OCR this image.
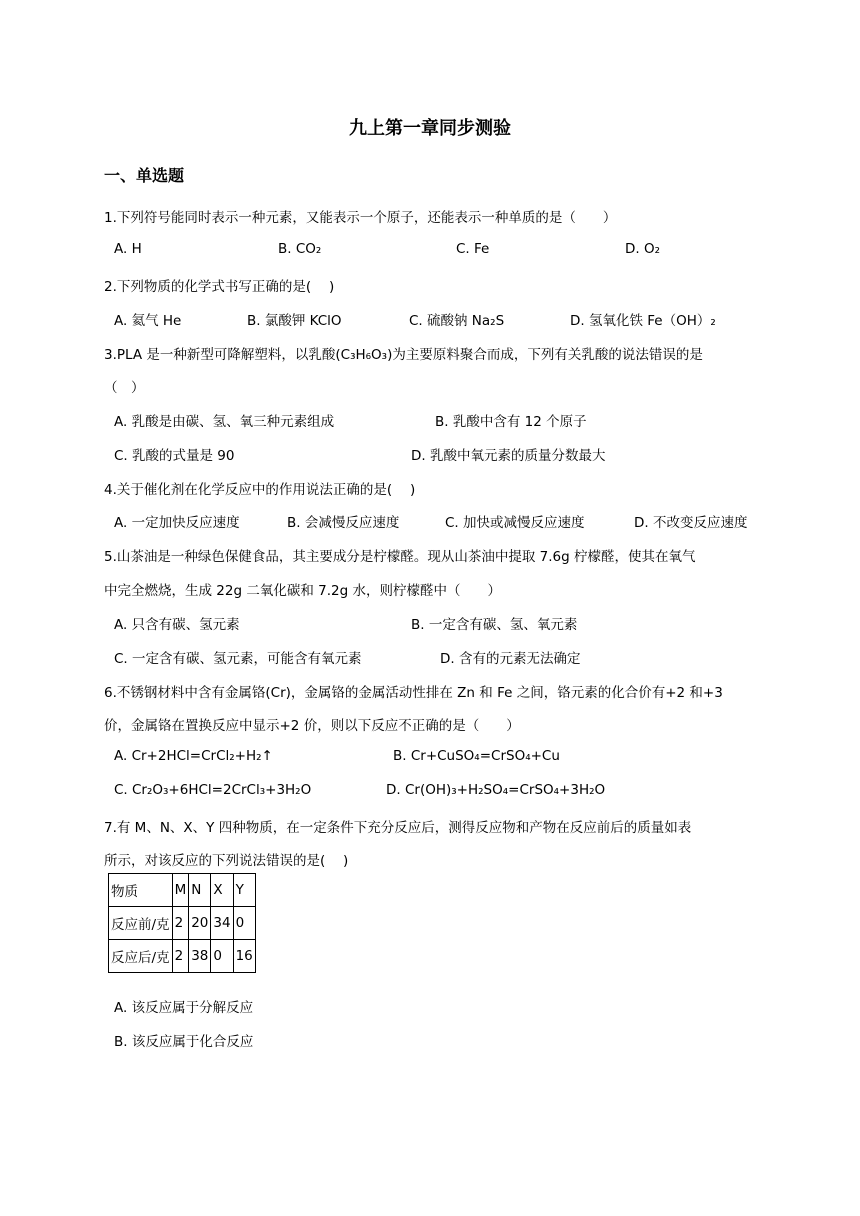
九上第一章同步测验
一、单选题
1.下列符号能同时表示一种元素，又能表示一个原子，还能表示一种单质的是（　　）
A. H	B. CO₂	C. Fe	D. O₂
2.下列物质的化学式书写正确的是(　 )
A. 氦气 He	B. 氯酸钾 KClO	C. 硫酸钠 Na₂S	D. 氢氧化铁 Fe（OH）₂
3.PLA 是一种新型可降解塑料，以乳酸(C₃H₆O₃)为主要原料聚合而成，下列有关乳酸的说法错误的是
（　）
A. 乳酸是由碳、氢、氧三种元素组成	B. 乳酸中含有 12 个原子
C. 乳酸的式量是 90	D. 乳酸中氧元素的质量分数最大
4.关于催化剂在化学反应中的作用说法正确的是(　 )
A. 一定加快反应速度	B. 会减慢反应速度	C. 加快或减慢反应速度	D. 不改变反应速度
5.山茶油是一种绿色保健食品，其主要成分是柠檬醛。现从山茶油中提取 7.6g 柠檬醛，使其在氧气
中完全燃烧，生成 22g 二氧化碳和 7.2g 水，则柠檬醛中（　　）
A. 只含有碳、氢元素	B. 一定含有碳、氢、氧元素
C. 一定含有碳、氢元素，可能含有氧元素	D. 含有的元素无法确定
6.不锈钢材料中含有金属铬(Cr)，金属铬的金属活动性排在 Zn 和 Fe 之间，铬元素的化合价有+2 和+3
价，金属铬在置换反应中显示+2 价，则以下反应不正确的是（　　）
A. Cr+2HCl=CrCl₂+H₂↑	B. Cr+CuSO₄=CrSO₄+Cu
C. Cr₂O₃+6HCl=2CrCl₃+3H₂O	D. Cr(OH)₃+H₂SO₄=CrSO₄+3H₂O
7.有 M、N、X、Y 四种物质，在一定条件下充分反应后，测得反应物和产物在反应前后的质量如表
所示，对该反应的下列说法错误的是(　 )
物质	M	N	X	Y
反应前/克	2	20	34	0
反应后/克	2	38	0	16
A. 该反应属于分解反应
B. 该反应属于化合反应
